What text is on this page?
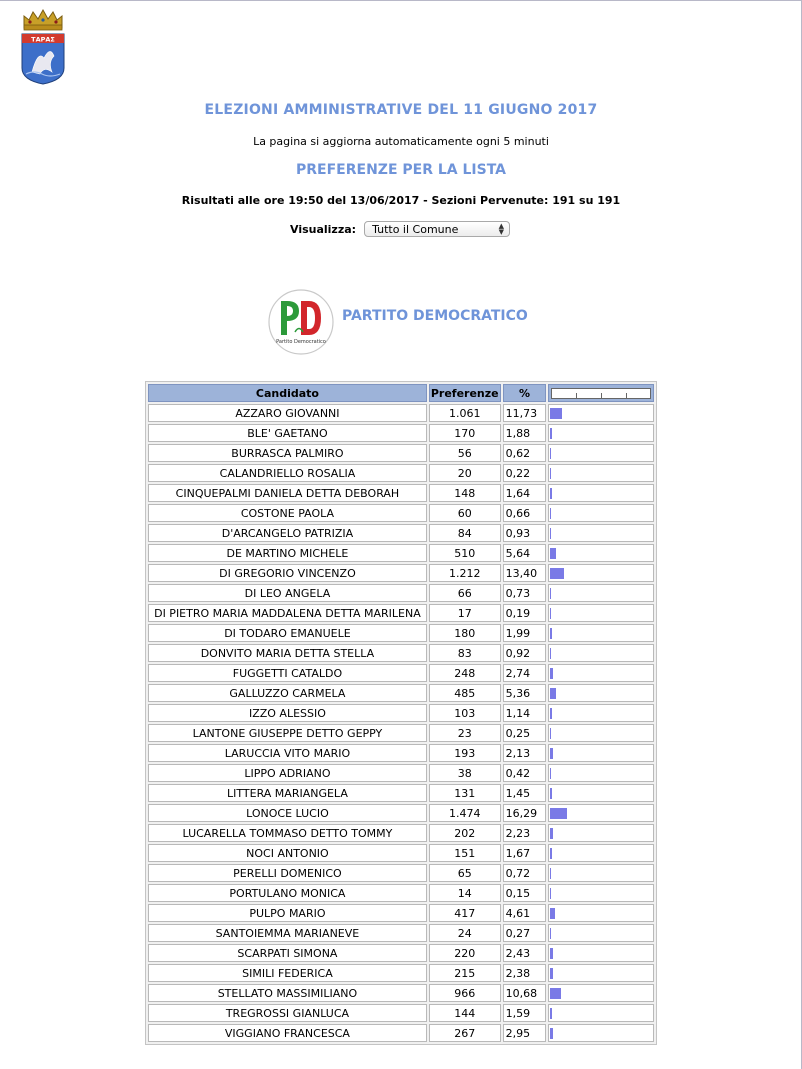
ΤΑΡΑΣ
ELEZIONI AMMINISTRATIVE DEL 11 GIUGNO 2017
La pagina si aggiorna automaticamente ogni 5 minuti
PREFERENZE PER LA LISTA
Risultati alle ore 19:50 del 13/06/2017 - Sezioni Pervenute: 191 su 191
Visualizza: Tutto il Comune	▲
▼
Partito Democratico
PARTITO DEMOCRATICO
Candidato	Preferenze	%
AZZARO GIOVANNI	1.061	11,73
BLE' GAETANO	170	1,88
BURRASCA PALMIRO	56	0,62
CALANDRIELLO ROSALIA	20	0,22
CINQUEPALMI DANIELA DETTA DEBORAH	148	1,64
COSTONE PAOLA	60	0,66
D'ARCANGELO PATRIZIA	84	0,93
DE MARTINO MICHELE	510	5,64
DI GREGORIO VINCENZO	1.212	13,40
DI LEO ANGELA	66	0,73
DI PIETRO MARIA MADDALENA DETTA MARILENA	17	0,19
DI TODARO EMANUELE	180	1,99
DONVITO MARIA DETTA STELLA	83	0,92
FUGGETTI CATALDO	248	2,74
GALLUZZO CARMELA	485	5,36
IZZO ALESSIO	103	1,14
LANTONE GIUSEPPE DETTO GEPPY	23	0,25
LARUCCIA VITO MARIO	193	2,13
LIPPO ADRIANO	38	0,42
LITTERA MARIANGELA	131	1,45
LONOCE LUCIO	1.474	16,29
LUCARELLA TOMMASO DETTO TOMMY	202	2,23
NOCI ANTONIO	151	1,67
PERELLI DOMENICO	65	0,72
PORTULANO MONICA	14	0,15
PULPO MARIO	417	4,61
SANTOIEMMA MARIANEVE	24	0,27
SCARPATI SIMONA	220	2,43
SIMILI FEDERICA	215	2,38
STELLATO MASSIMILIANO	966	10,68
TREGROSSI GIANLUCA	144	1,59
VIGGIANO FRANCESCA	267	2,95
